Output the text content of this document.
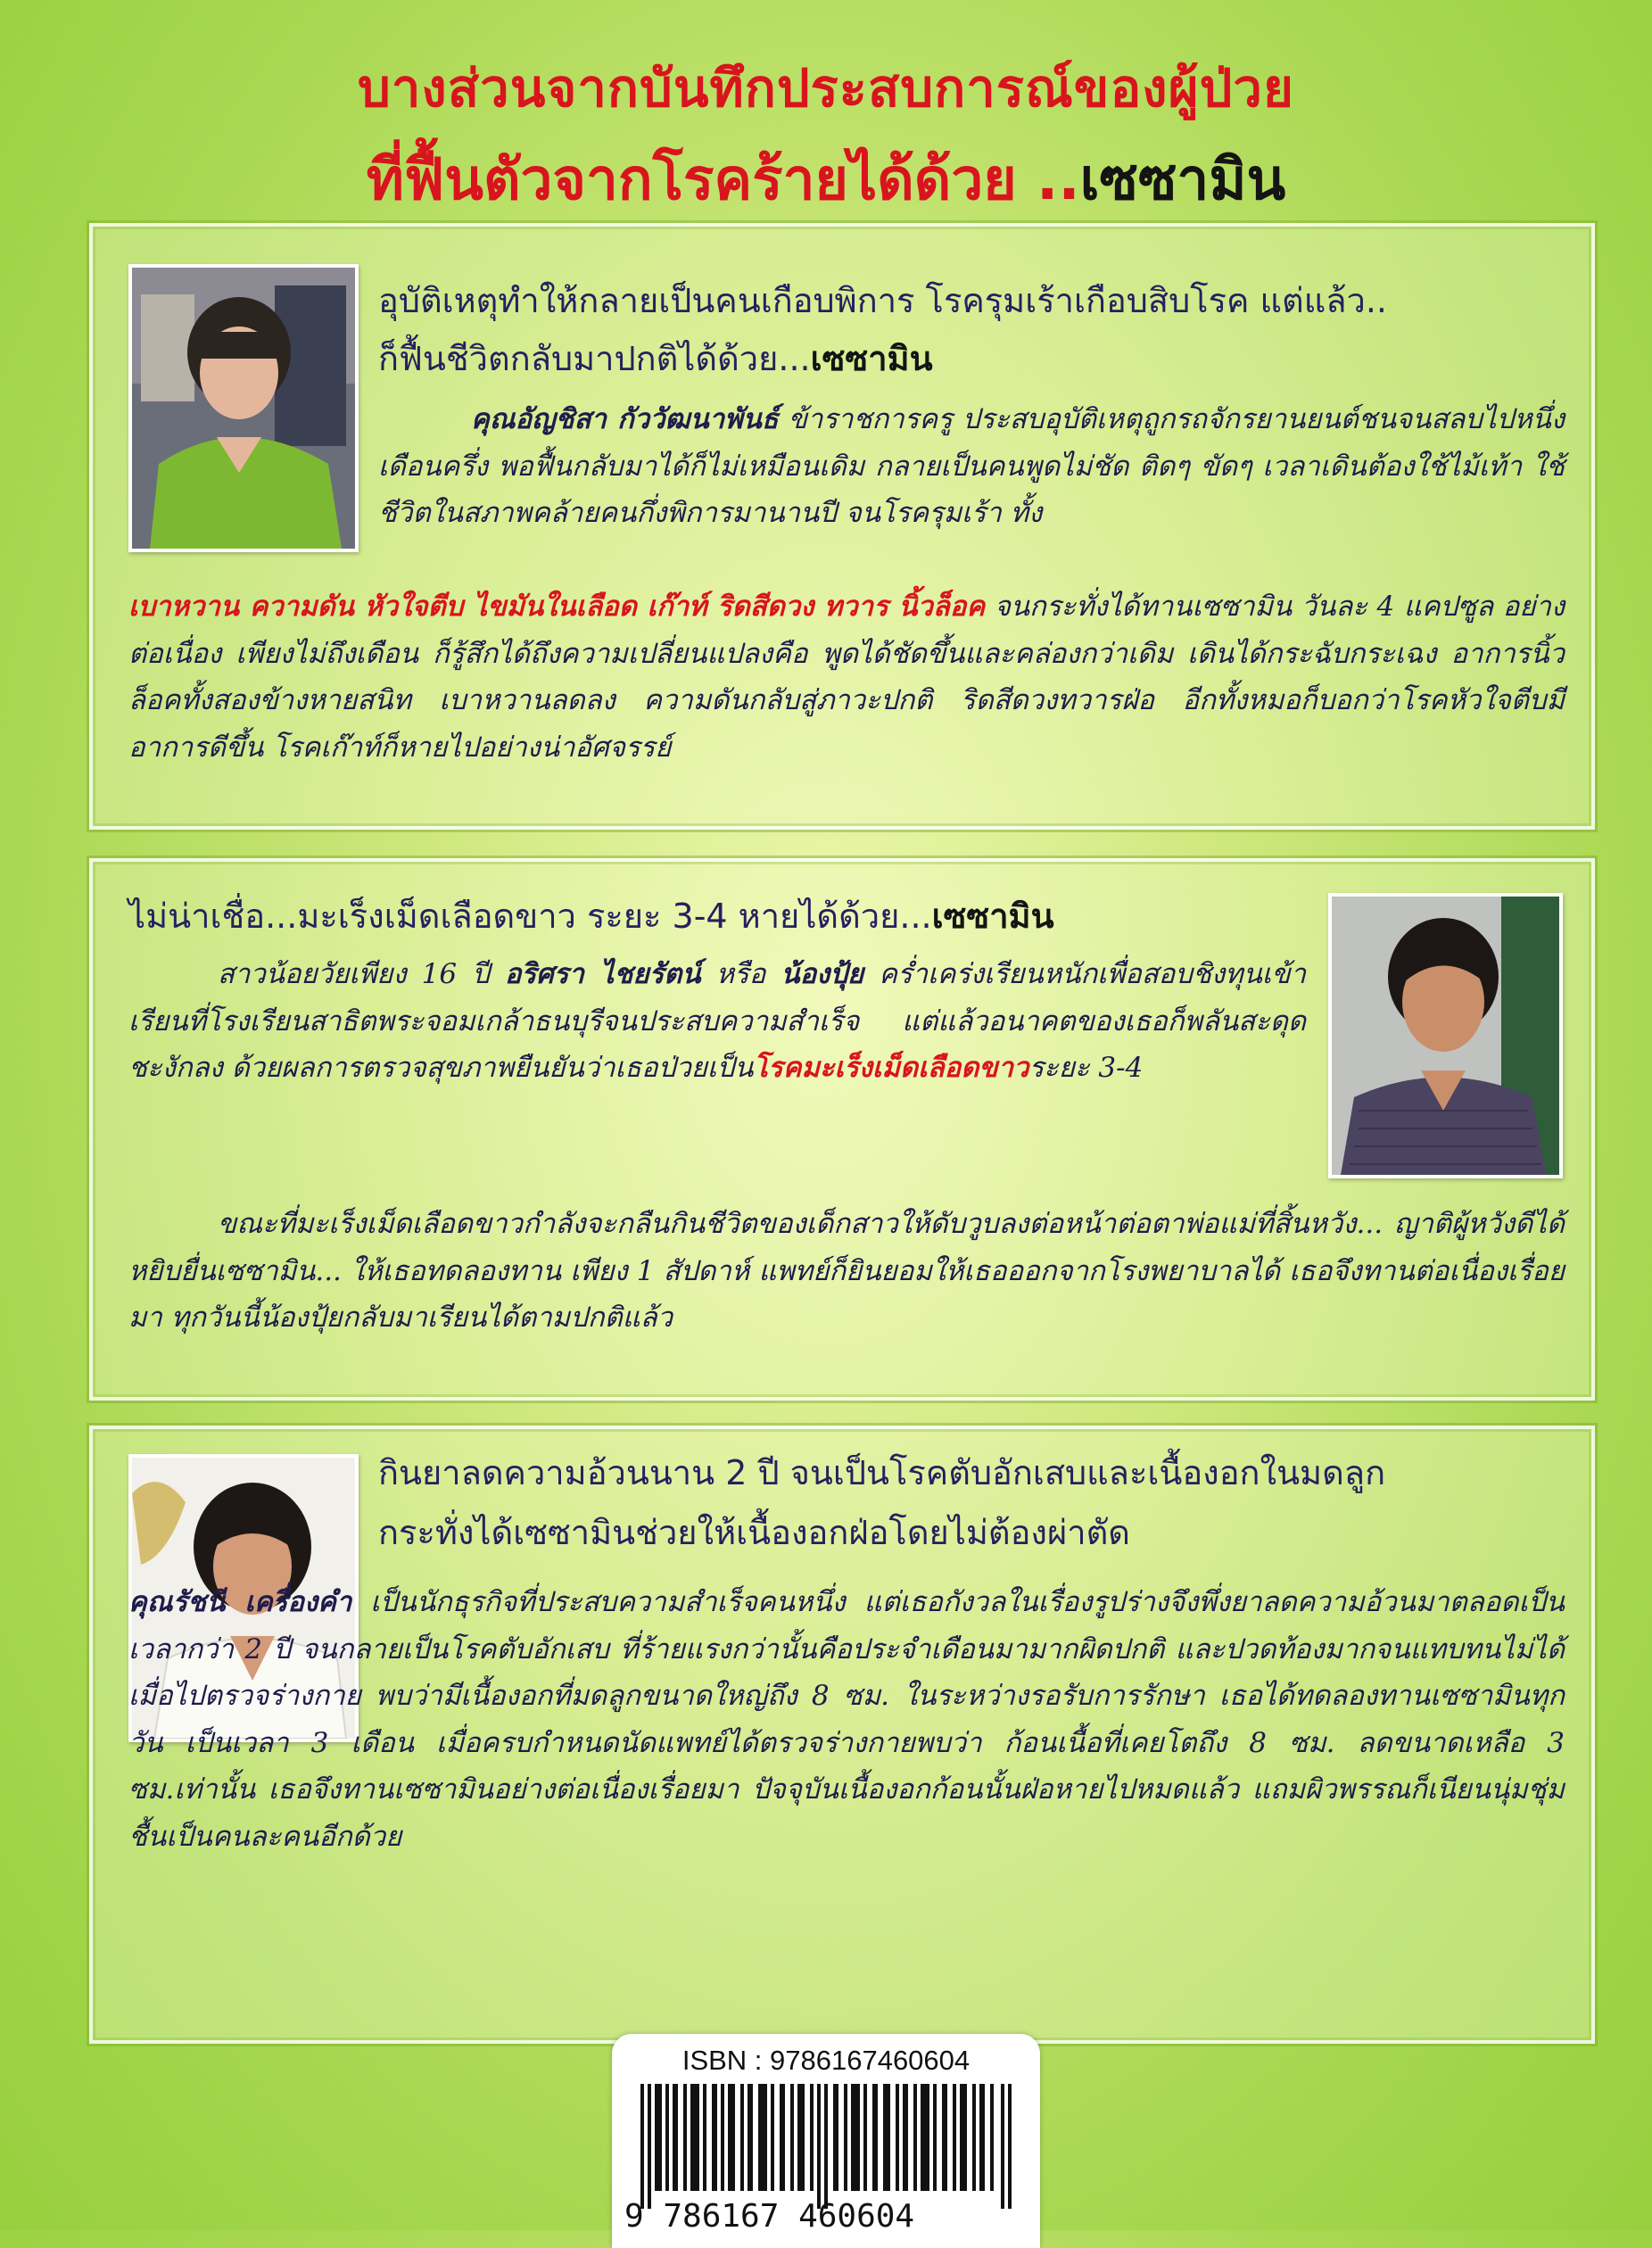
บางส่วนจากบันทึกประสบการณ์ของผู้ป่วย
ที่ฟื้นตัวจากโรคร้ายได้ด้วย ..เซซามิน
อุบัติเหตุทำให้กลายเป็นคนเกือบพิการ โรครุมเร้าเกือบสิบโรค แต่แล้ว..
ก็ฟื้นชีวิตกลับมาปกติได้ด้วย...เซซามิน
คุณอัญชิสา กัววัฒนาพันธ์ ข้าราชการครู ประสบอุบัติเหตุถูกรถจักรยานยนต์ชนจนสลบไปหนึ่งเดือนครึ่ง พอฟื้นกลับมาได้ก็ไม่เหมือนเดิม กลายเป็นคนพูดไม่ชัด ติดๆ ขัดๆ เวลาเดินต้องใช้ไม้เท้า ใช้ชีวิตในสภาพคล้ายคนกึ่งพิการมานานปี จนโรครุมเร้า ทั้ง
เบาหวาน ความดัน หัวใจตีบ ไขมันในเลือด เก๊าท์ ริดสีดวง ทวาร นิ้วล็อค จนกระทั่งได้ทานเซซามิน วันละ 4 แคปซูล อย่างต่อเนื่อง เพียงไม่ถึงเดือน ก็รู้สึกได้ถึงความเปลี่ยนแปลงคือ พูดได้ชัดขึ้นและคล่องกว่าเดิม เดินได้กระฉับกระเฉง อาการนิ้วล็อคทั้งสองข้างหายสนิท เบาหวานลดลง ความดันกลับสู่ภาวะปกติ ริดสีดวงทวารฝ่อ อีกทั้งหมอก็บอกว่าโรคหัวใจตีบมีอาการดีขึ้น โรคเก๊าท์ก็หายไปอย่างน่าอัศจรรย์
ไม่น่าเชื่อ...มะเร็งเม็ดเลือดขาว ระยะ 3-4 หายได้ด้วย...เซซามิน
สาวน้อยวัยเพียง 16 ปี อริศรา ไชยรัตน์ หรือ น้องปุ้ย คร่ำเคร่งเรียนหนักเพื่อสอบชิงทุนเข้าเรียนที่โรงเรียนสาธิตพระจอมเกล้าธนบุรีจนประสบความสำเร็จ แต่แล้วอนาคตของเธอก็พลันสะดุดชะงักลง ด้วยผลการตรวจสุขภาพยืนยันว่าเธอป่วยเป็นโรคมะเร็งเม็ดเลือดขาวระยะ 3-4
ขณะที่มะเร็งเม็ดเลือดขาวกำลังจะกลืนกินชีวิตของเด็กสาวให้ดับวูบลงต่อหน้าต่อตาพ่อแม่ที่สิ้นหวัง... ญาติผู้หวังดีได้หยิบยื่นเซซามิน... ให้เธอทดลองทาน เพียง 1 สัปดาห์ แพทย์ก็ยินยอมให้เธอออกจากโรงพยาบาลได้ เธอจึงทานต่อเนื่องเรื่อยมา ทุกวันนี้น้องปุ้ยกลับมาเรียนได้ตามปกติแล้ว
กินยาลดความอ้วนนาน 2 ปี จนเป็นโรคตับอักเสบและเนื้องอกในมดลูก
กระทั่งได้เซซามินช่วยให้เนื้องอกฝ่อโดยไม่ต้องผ่าตัด
คุณรัชนี เครื่องคำ เป็นนักธุรกิจที่ประสบความสำเร็จคนหนึ่ง แต่เธอกังวลในเรื่องรูปร่างจึงพึ่งยาลดความอ้วนมาตลอดเป็นเวลากว่า 2 ปี จนกลายเป็นโรคตับอักเสบ ที่ร้ายแรงกว่านั้นคือประจำเดือนมามากผิดปกติ และปวดท้องมากจนแทบทนไม่ได้ เมื่อไปตรวจร่างกาย พบว่ามีเนื้องอกที่มดลูกขนาดใหญ่ถึง 8 ซม. ในระหว่างรอรับการรักษา เธอได้ทดลองทานเซซามินทุกวัน เป็นเวลา 3 เดือน เมื่อครบกำหนดนัดแพทย์ได้ตรวจร่างกายพบว่า ก้อนเนื้อที่เคยโตถึง 8 ซม. ลดขนาดเหลือ 3 ซม.เท่านั้น เธอจึงทานเซซามินอย่างต่อเนื่องเรื่อยมา ปัจจุบันเนื้องอกก้อนนั้นฝ่อหายไปหมดแล้ว แถมผิวพรรณก็เนียนนุ่มชุ่มชื้นเป็นคนละคนอีกด้วย
ISBN : 9786167460604
9 786167 460604
